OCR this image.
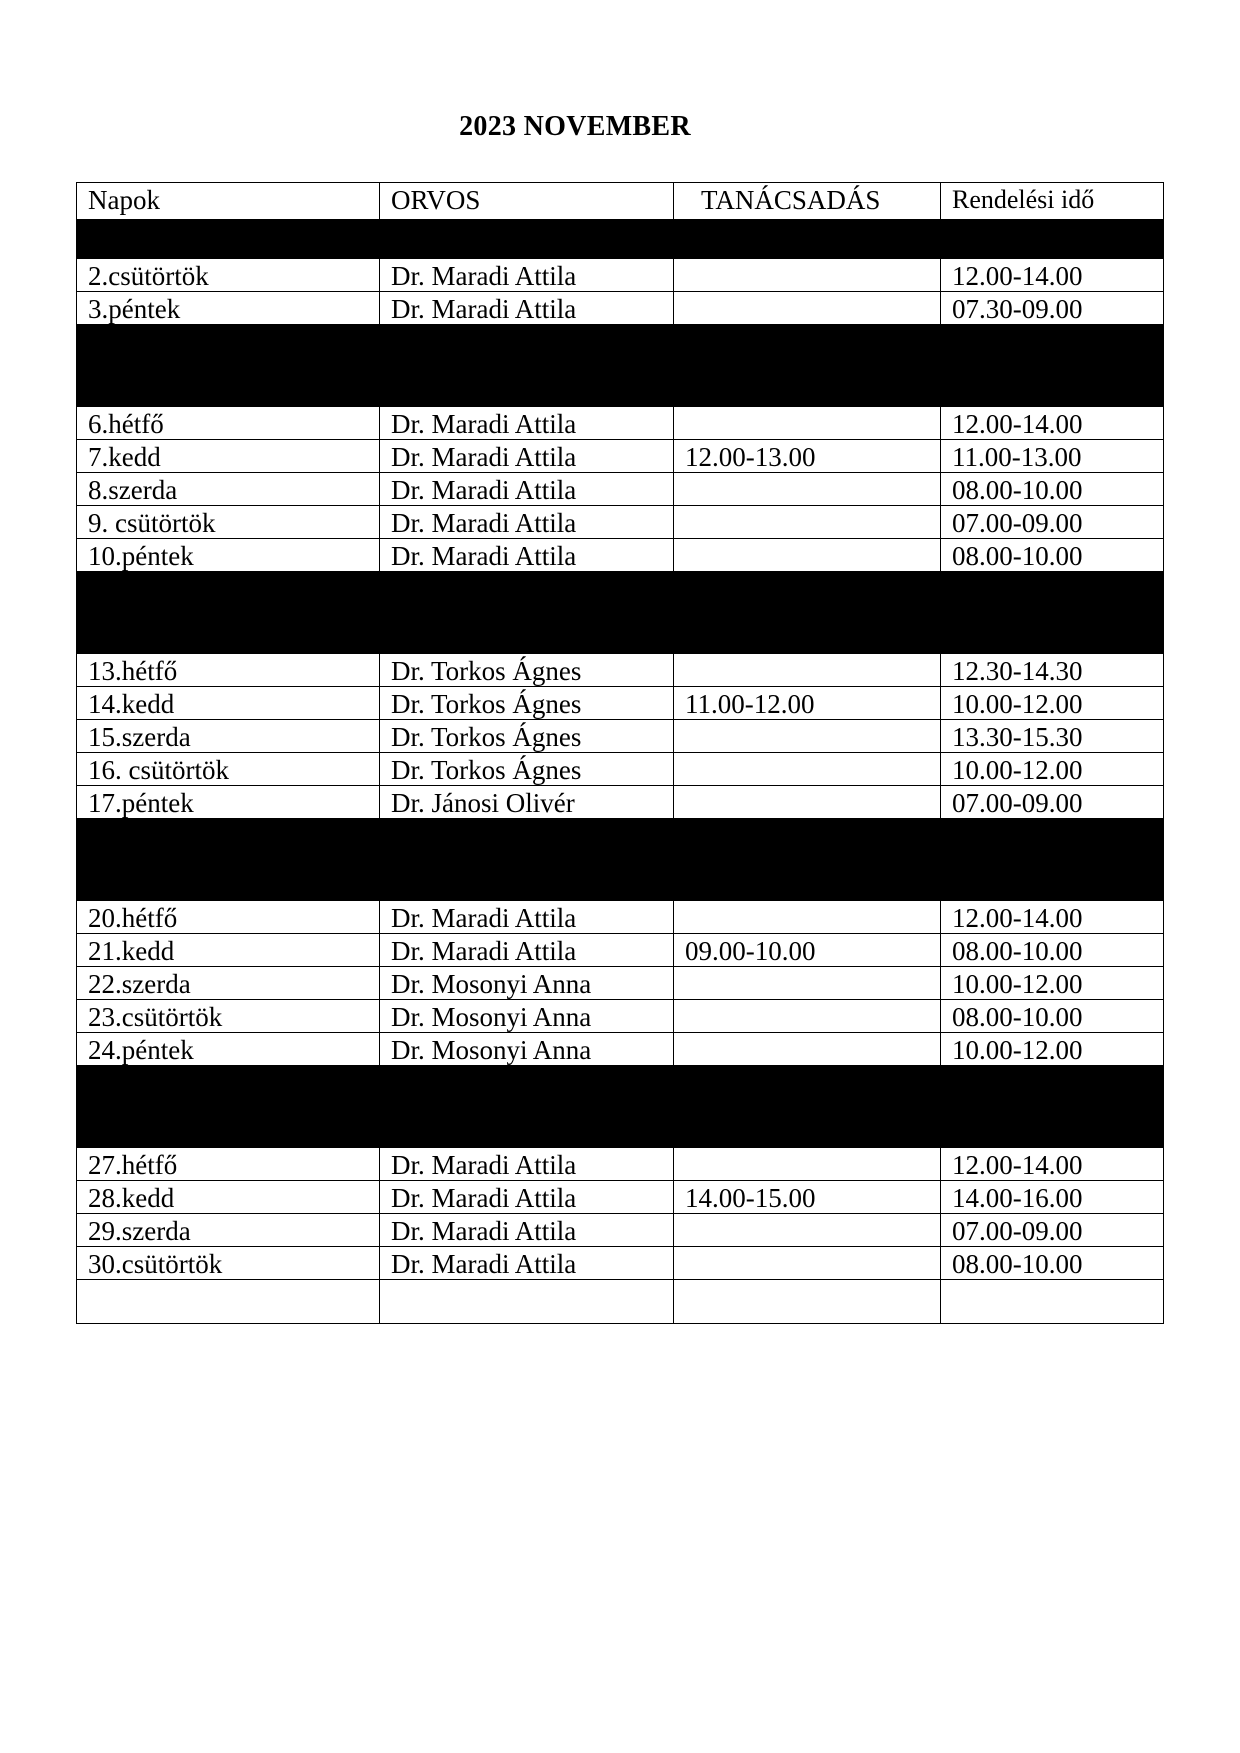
2023 NOVEMBER
Napok	ORVOS	TANÁCSADÁS	Rendelési idő

2.csütörtök	Dr. Maradi Attila		12.00-14.00
3.péntek	Dr. Maradi Attila		07.30-09.00

6.hétfő	Dr. Maradi Attila		12.00-14.00
7.kedd	Dr. Maradi Attila	12.00-13.00	11.00-13.00
8.szerda	Dr. Maradi Attila		08.00-10.00
9. csütörtök	Dr. Maradi Attila		07.00-09.00
10.péntek	Dr. Maradi Attila		08.00-10.00

13.hétfő	Dr. Torkos Ágnes		12.30-14.30
14.kedd	Dr. Torkos Ágnes	11.00-12.00	10.00-12.00
15.szerda	Dr. Torkos Ágnes		13.30-15.30
16. csütörtök	Dr. Torkos Ágnes		10.00-12.00
17.péntek	Dr. Jánosi Olivér		07.00-09.00

20.hétfő	Dr. Maradi Attila		12.00-14.00
21.kedd	Dr. Maradi Attila	09.00-10.00	08.00-10.00
22.szerda	Dr. Mosonyi Anna		10.00-12.00
23.csütörtök	Dr. Mosonyi Anna		08.00-10.00
24.péntek	Dr. Mosonyi Anna		10.00-12.00

27.hétfő	Dr. Maradi Attila		12.00-14.00
28.kedd	Dr. Maradi Attila	14.00-15.00	14.00-16.00
29.szerda	Dr. Maradi Attila		07.00-09.00
30.csütörtök	Dr. Maradi Attila		08.00-10.00
